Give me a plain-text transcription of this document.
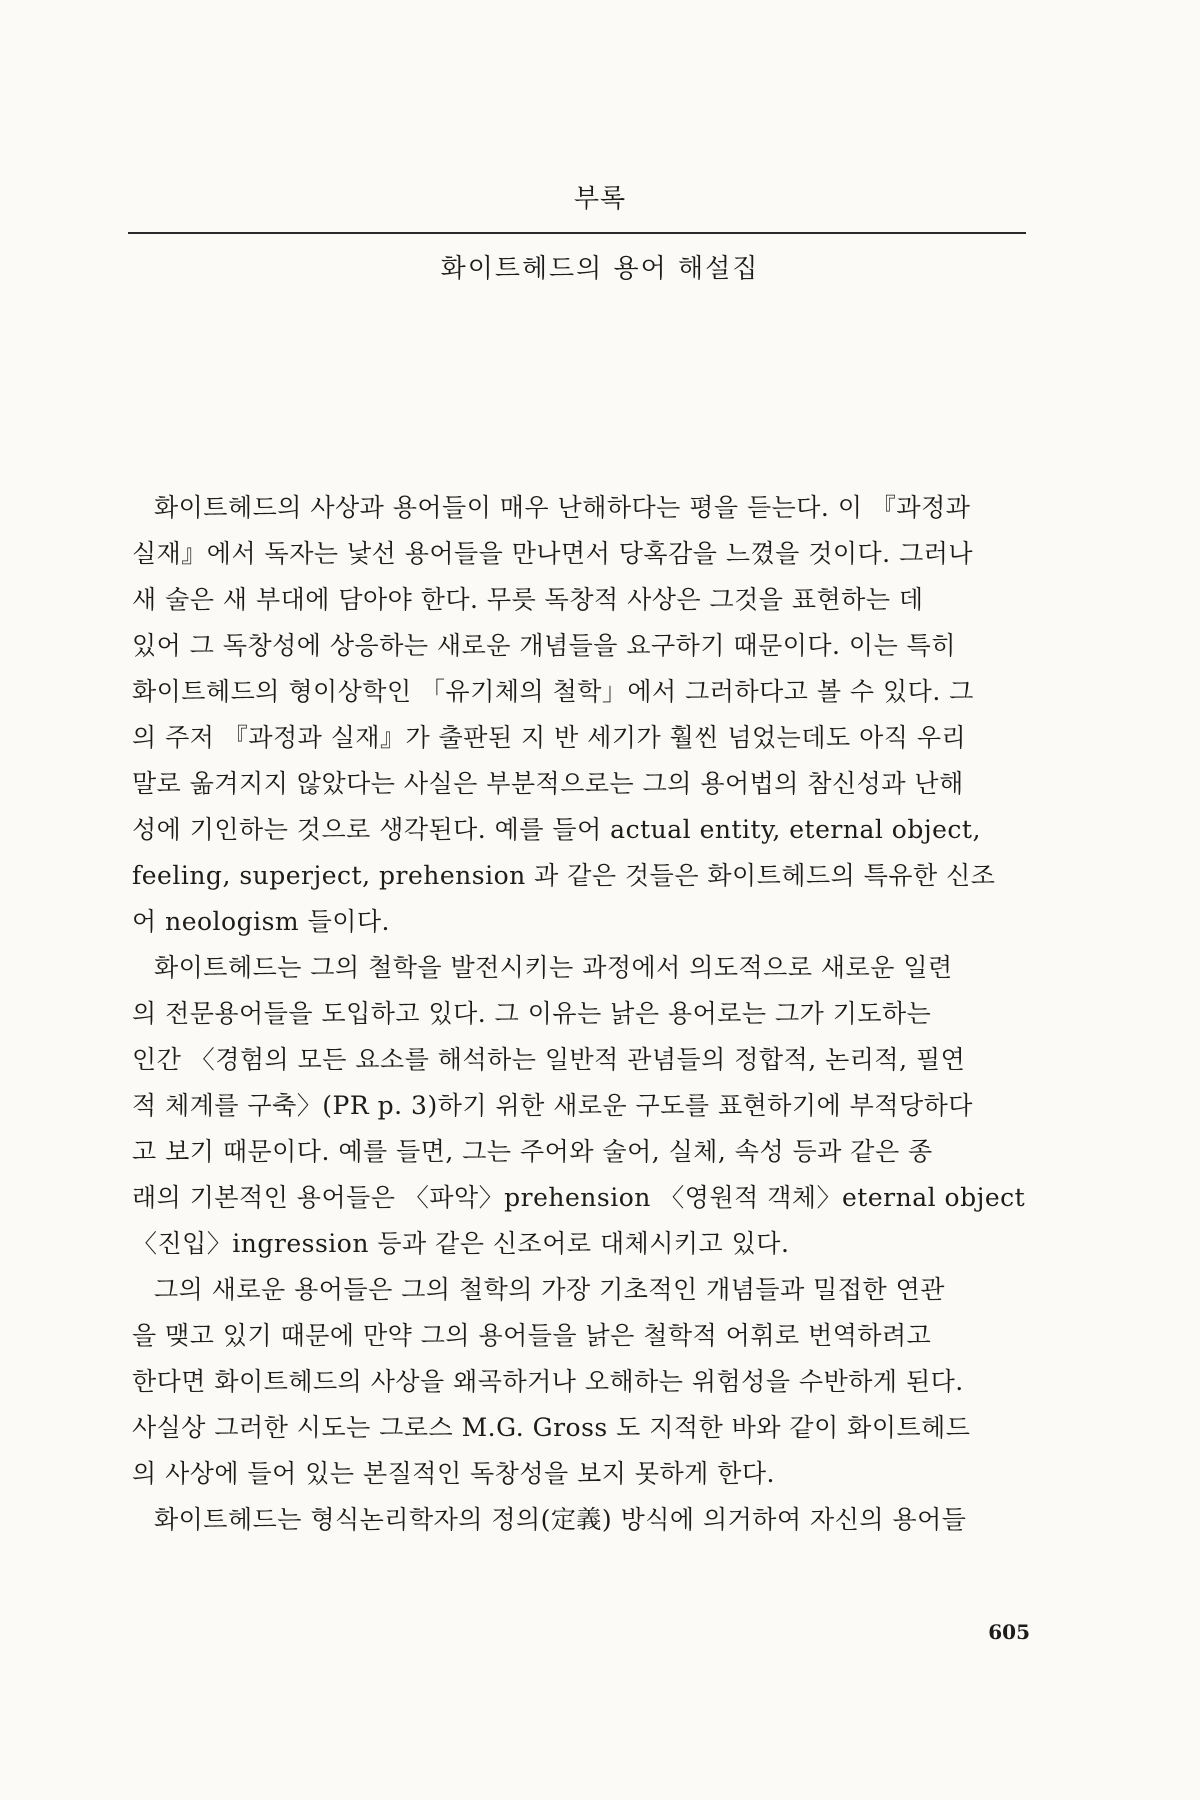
부록
화이트헤드의 용어 해설집
화이트헤드의 사상과 용어들이 매우 난해하다는 평을 듣는다. 이 『과정과
실재』에서 독자는 낯선 용어들을 만나면서 당혹감을 느꼈을 것이다. 그러나
새 술은 새 부대에 담아야 한다. 무릇 독창적 사상은 그것을 표현하는 데
있어 그 독창성에 상응하는 새로운 개념들을 요구하기 때문이다. 이는 특히
화이트헤드의 형이상학인 「유기체의 철학」에서 그러하다고 볼 수 있다. 그
의 주저 『과정과 실재』가 출판된 지 반 세기가 훨씬 넘었는데도 아직 우리
말로 옮겨지지 않았다는 사실은 부분적으로는 그의 용어법의 참신성과 난해
성에 기인하는 것으로 생각된다. 예를 들어 actual entity, eternal object,
feeling, superject, prehension 과 같은 것들은 화이트헤드의 특유한 신조
어 neologism 들이다.
화이트헤드는 그의 철학을 발전시키는 과정에서 의도적으로 새로운 일련
의 전문용어들을 도입하고 있다. 그 이유는 낡은 용어로는 그가 기도하는
인간 〈경험의 모든 요소를 해석하는 일반적 관념들의 정합적, 논리적, 필연
적 체계를 구축〉(PR p. 3)하기 위한 새로운 구도를 표현하기에 부적당하다
고 보기 때문이다. 예를 들면, 그는 주어와 술어, 실체, 속성 등과 같은 종
래의 기본적인 용어들은 〈파악〉prehension 〈영원적 객체〉eternal object
〈진입〉ingression 등과 같은 신조어로 대체시키고 있다.
그의 새로운 용어들은 그의 철학의 가장 기초적인 개념들과 밀접한 연관
을 맺고 있기 때문에 만약 그의 용어들을 낡은 철학적 어휘로 번역하려고
한다면 화이트헤드의 사상을 왜곡하거나 오해하는 위험성을 수반하게 된다.
사실상 그러한 시도는 그로스 M.G. Gross 도 지적한 바와 같이 화이트헤드
의 사상에 들어 있는 본질적인 독창성을 보지 못하게 한다.
화이트헤드는 형식논리학자의 정의(定義) 방식에 의거하여 자신의 용어들
605
